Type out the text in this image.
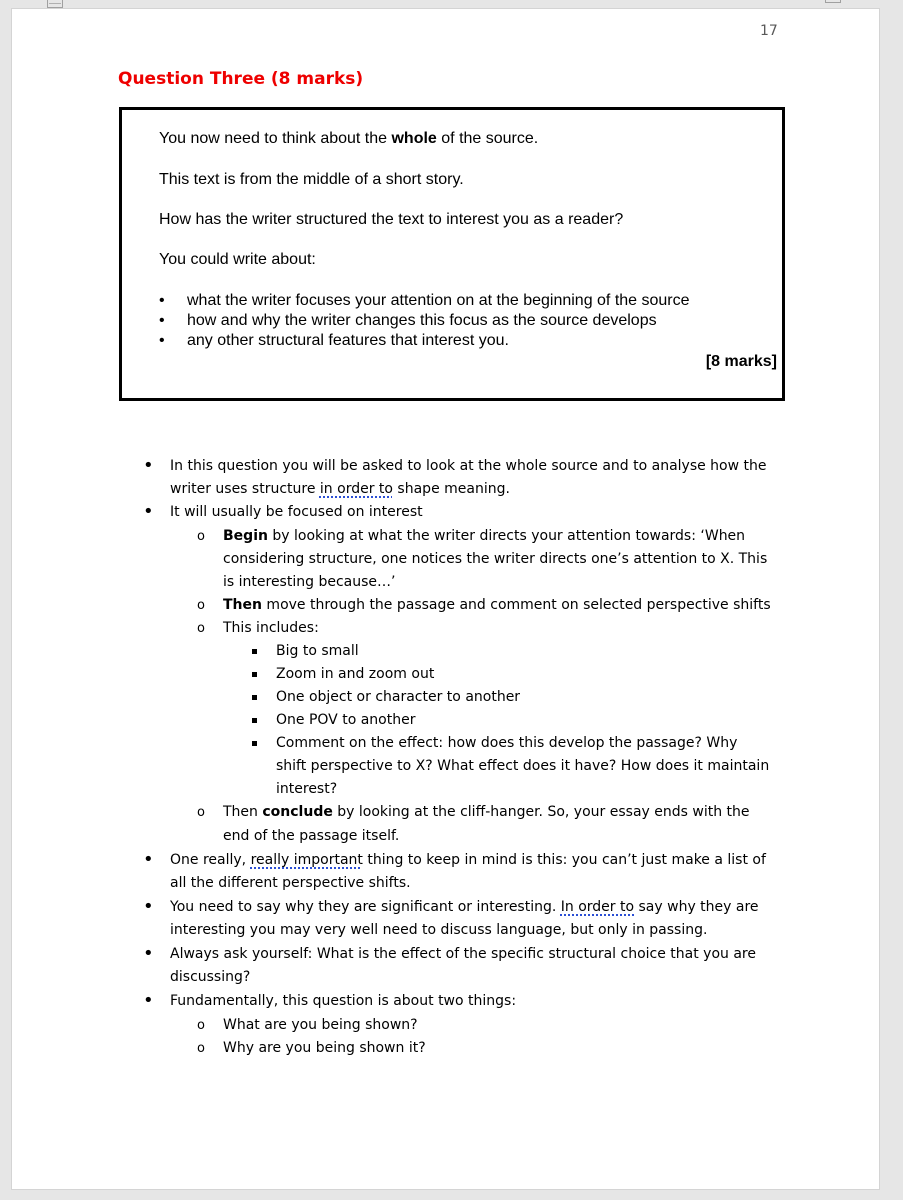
17
Question Three (8 marks)
You now need to think about the whole of the source.
This text is from the middle of a short story.
How has the writer structured the text to interest you as a reader?
You could write about:
•	what the writer focuses your attention on at the beginning of the source
•	how and why the writer changes this focus as the source develops
•	any other structural features that interest you.
[8 marks]
•
In this question you will be asked to look at the whole source and to analyse how the
writer uses structure in order to shape meaning.
•
It will usually be focused on interest
o
Begin by looking at what the writer directs your attention towards: ‘When
considering structure, one notices the writer directs one’s attention to X. This
is interesting because…’
o
Then move through the passage and comment on selected perspective shifts
o
This includes:
Big to small
Zoom in and zoom out
One object or character to another
One POV to another
Comment on the effect: how does this develop the passage? Why
shift perspective to X? What effect does it have? How does it maintain
interest?
o
Then conclude by looking at the cliff-hanger. So, your essay ends with the
end of the passage itself.
•
One really, really important thing to keep in mind is this: you can’t just make a list of
all the different perspective shifts.
•
You need to say why they are significant or interesting. In order to say why they are
interesting you may very well need to discuss language, but only in passing.
•
Always ask yourself: What is the effect of the specific structural choice that you are
discussing?
•
Fundamentally, this question is about two things:
o
What are you being shown?
o
Why are you being shown it?
